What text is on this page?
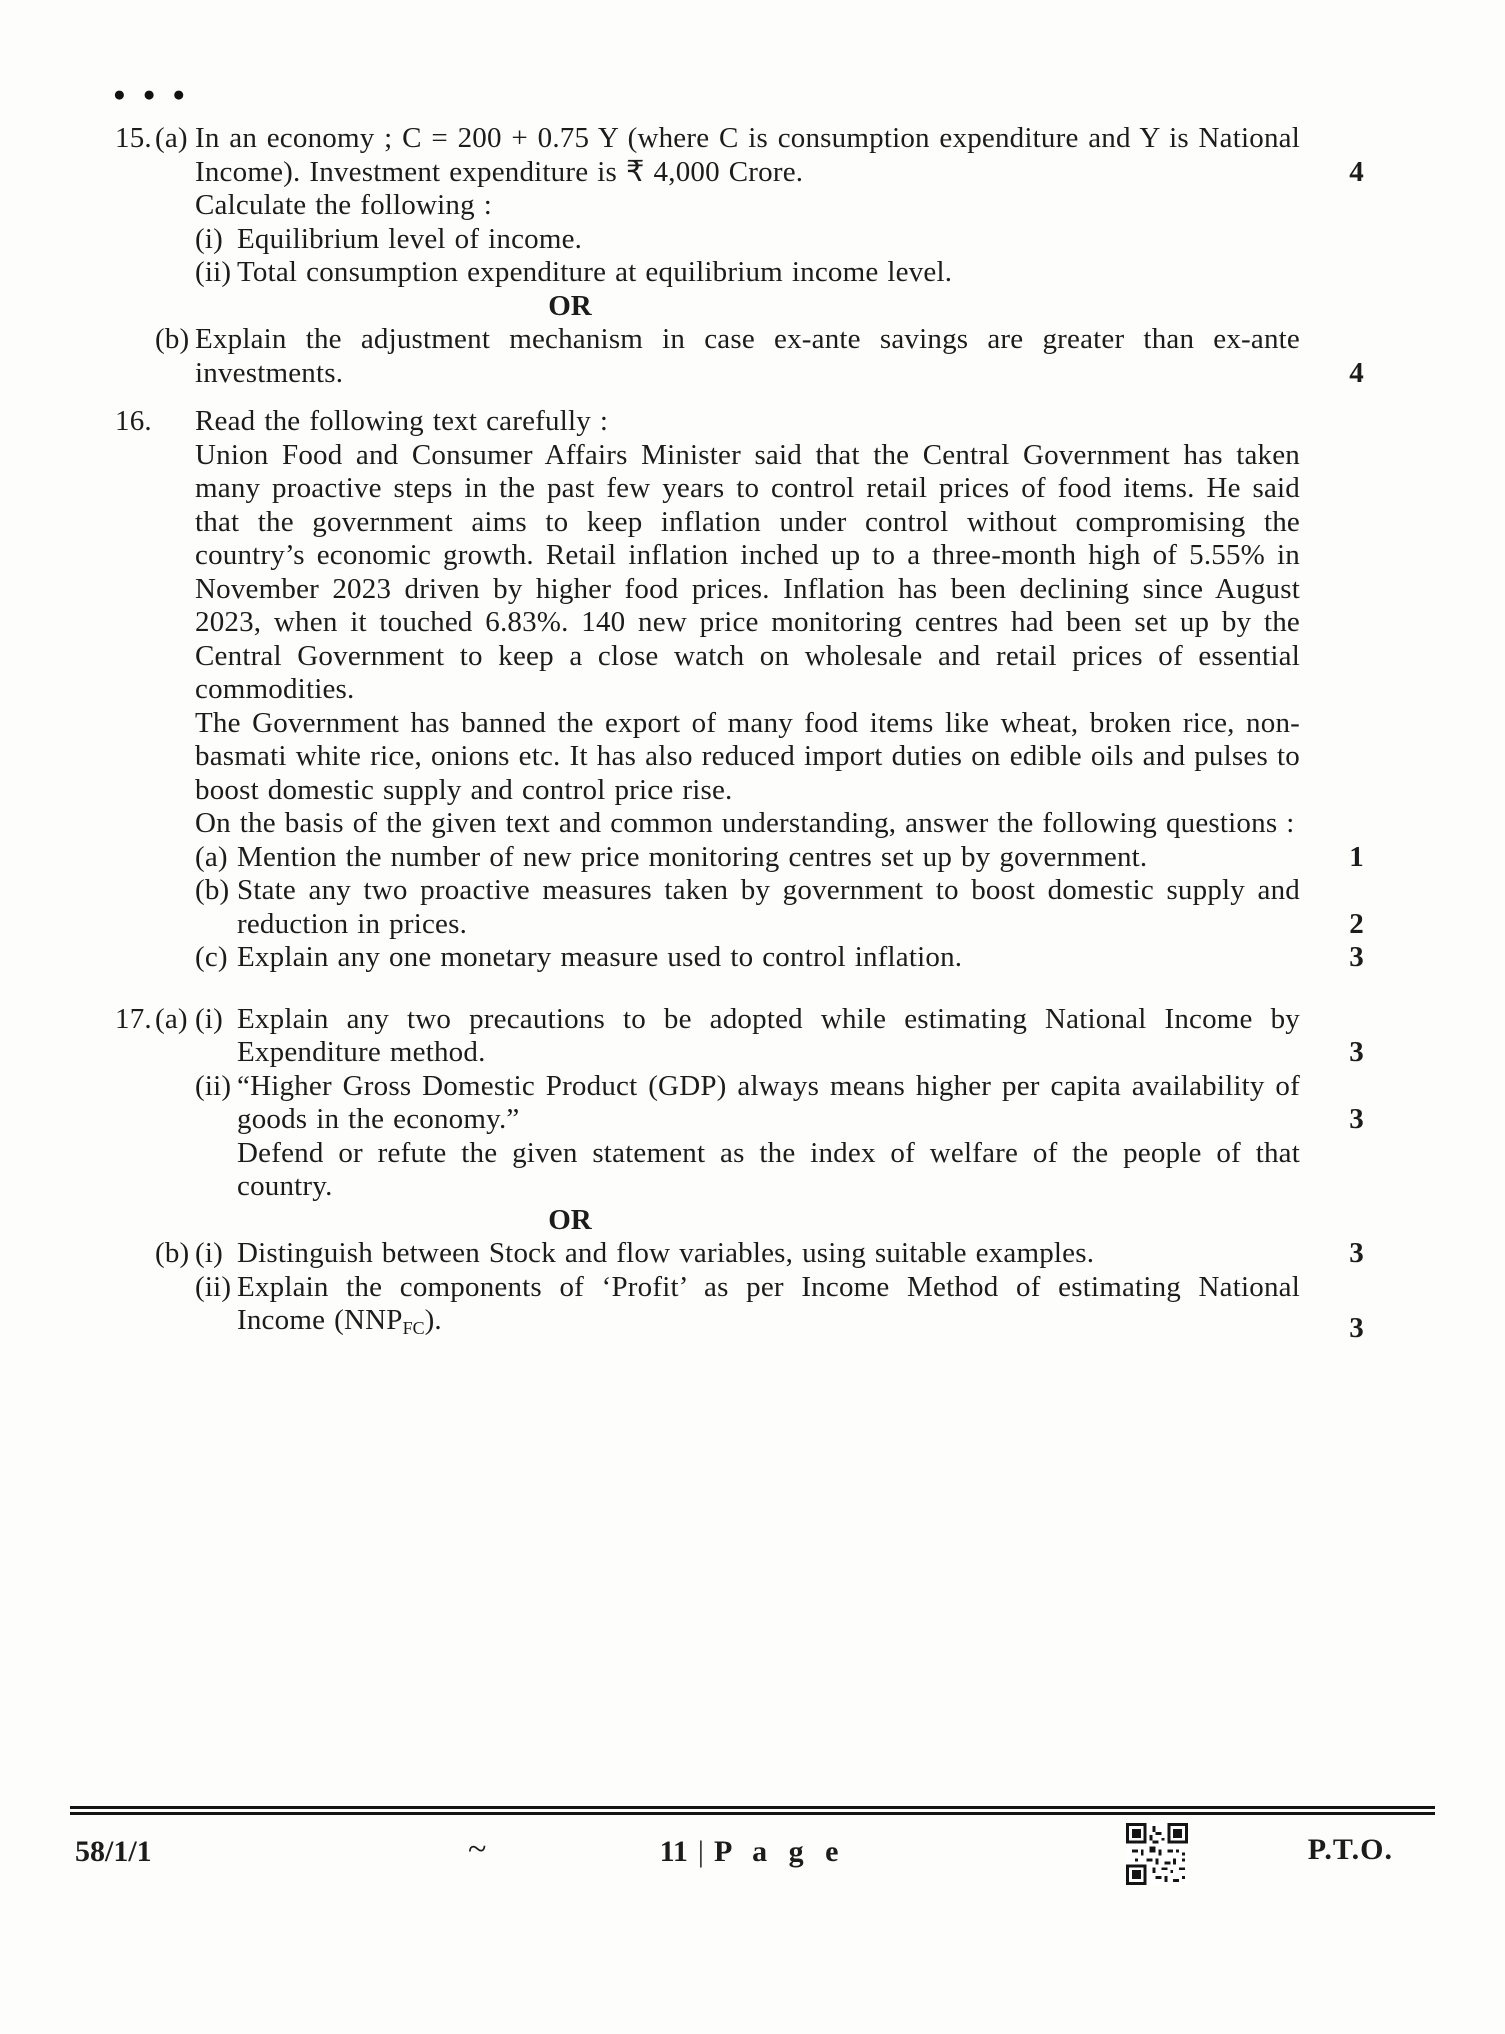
● ● ●
15. (a) In an economy ; C = 200 + 0.75 Y (where C is consumption expenditure and Y is National Income). Investment expenditure is ₹ 4,000 Crore.	4
Calculate the following :
(i) Equilibrium level of income.
(ii) Total consumption expenditure at equilibrium income level.
OR
(b) Explain the adjustment mechanism in case ex-ante savings are greater than ex-ante investments.	4
16. Read the following text carefully :
Union Food and Consumer Affairs Minister said that the Central Government has taken many proactive steps in the past few years to control retail prices of food items. He said that the government aims to keep inflation under control without compromising the country’s economic growth. Retail inflation inched up to a three-month high of 5.55% in November 2023 driven by higher food prices. Inflation has been declining since August 2023, when it touched 6.83%. 140 new price monitoring centres had been set up by the Central Government to keep a close watch on wholesale and retail prices of essential commodities.
The Government has banned the export of many food items like wheat, broken rice, non-basmati white rice, onions etc. It has also reduced import duties on edible oils and pulses to boost domestic supply and control price rise.
On the basis of the given text and common understanding, answer the following questions :
(a) Mention the number of new price monitoring centres set up by government.	1
(b) State any two proactive measures taken by government to boost domestic supply and reduction in prices.	2
(c) Explain any one monetary measure used to control inflation.	3
17. (a) (i) Explain any two precautions to be adopted while estimating National Income by Expenditure method.	3
(ii) “Higher Gross Domestic Product (GDP) always means higher per capita availability of goods in the economy.”	3
Defend or refute the given statement as the index of welfare of the people of that country.
OR
(b) (i) Distinguish between Stock and flow variables, using suitable examples.	3
(ii) Explain the components of ‘Profit’ as per Income Method of estimating National Income (NNPFC).	3
58/1/1	~	11 | P a g e	P.T.O.
